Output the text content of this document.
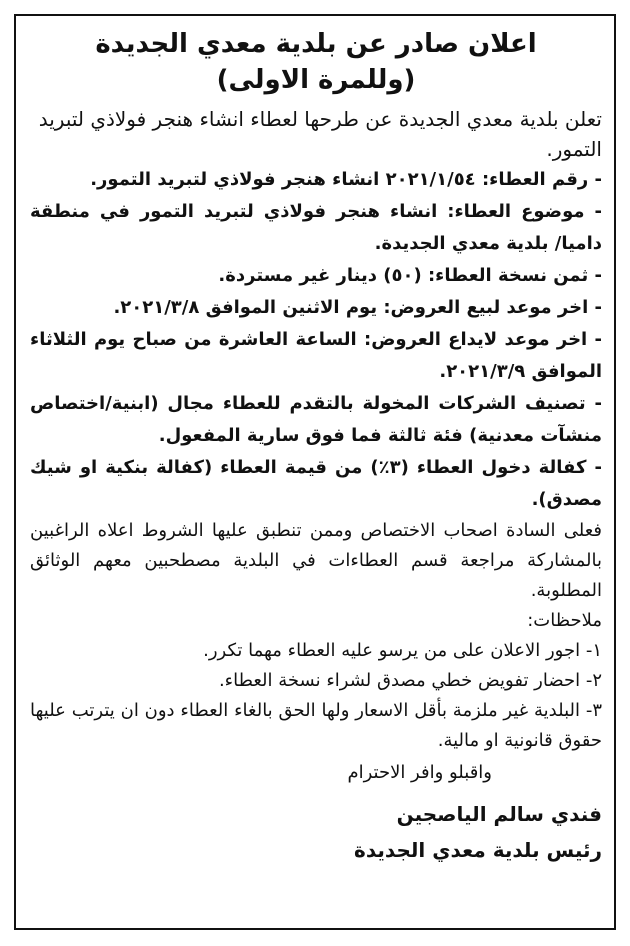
اعلان صادر عن بلدية معدي الجديدة
(وللمرة الاولى)

تعلن بلدية معدي الجديدة عن طرحها لعطاء انشاء هنجر فولاذي لتبريد التمور.

- رقم العطاء: ٢٠٢١/١/٥٤ انشاء هنجر فولاذي لتبريد التمور.

- موضوع العطاء: انشاء هنجر فولاذي لتبريد التمور في منطقة داميا/ بلدية معدي الجديدة.

- ثمن نسخة العطاء: (٥٠) دينار غير مستردة.

- اخر موعد لبيع العروض: يوم الاثنين الموافق ٢٠٢١/٣/٨.

- اخر موعد لايداع العروض: الساعة العاشرة من صباح يوم الثلاثاء الموافق ٢٠٢١/٣/٩.

- تصنيف الشركات المخولة بالتقدم للعطاء مجال (ابنية/اختصاص منشآت معدنية) فئة ثالثة فما فوق سارية المفعول.

- كفالة دخول العطاء (٣٪) من قيمة العطاء (كفالة بنكية او شيك مصدق).

فعلى السادة اصحاب الاختصاص وممن تنطبق عليها الشروط اعلاه الراغبين بالمشاركة مراجعة قسم العطاءات في البلدية مصطحبين معهم الوثائق المطلوبة.

ملاحظات:

١- اجور الاعلان على من يرسو عليه العطاء مهما تكرر.

٢- احضار تفويض خطي مصدق لشراء نسخة العطاء.

٣- البلدية غير ملزمة بأقل الاسعار ولها الحق بالغاء العطاء دون ان يترتب عليها حقوق قانونية او مالية.

واقبلو وافر الاحترام

فندي سالم الياصجين

رئيس بلدية معدي الجديدة
